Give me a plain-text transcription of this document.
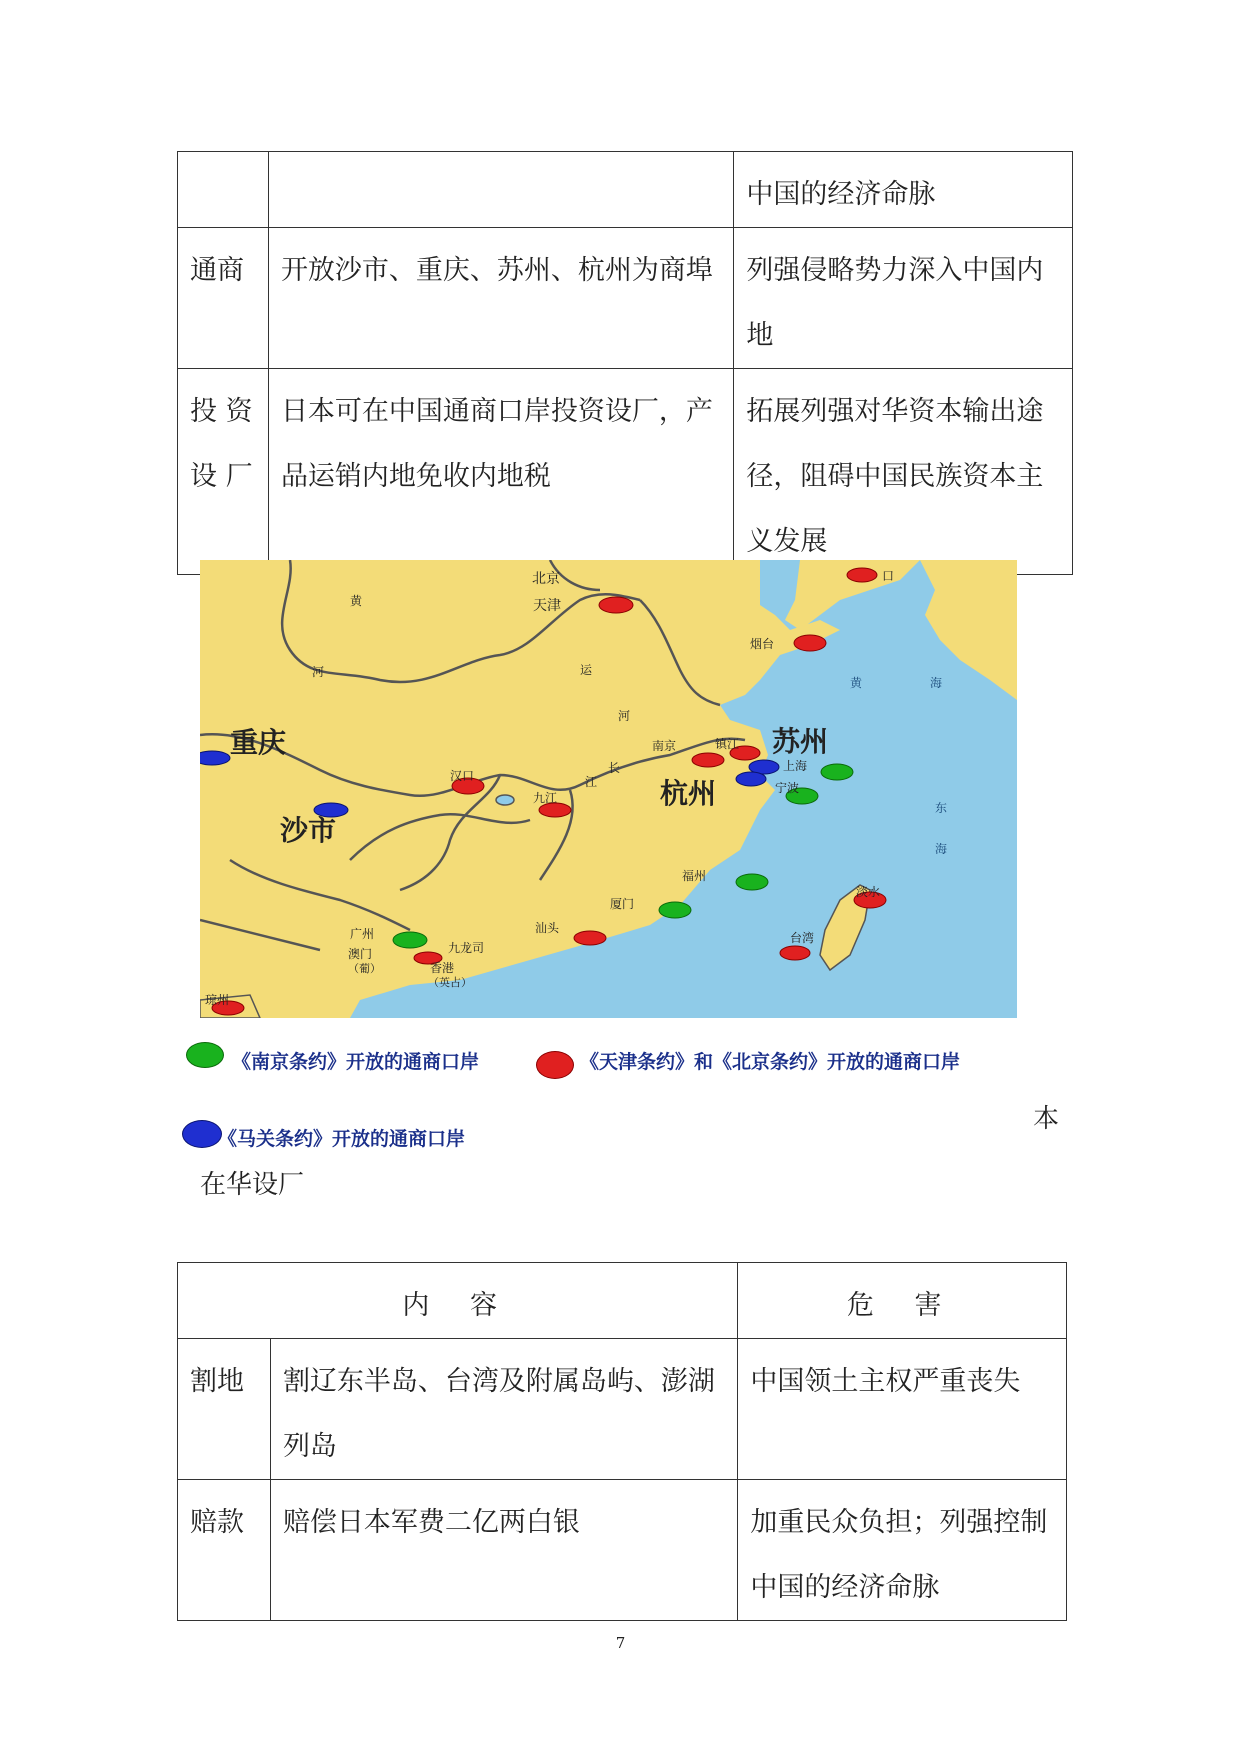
		中国的经济命脉
通商	开放沙市、重庆、苏州、杭州为商埠	列强侵略势力深入中国内地
投 资 设 厂	日本可在中国通商口岸投资设厂，产品运销内地免收内地税	拓展列强对华资本输出途径，阻碍中国民族资本主义发展
北京
天津
口
烟台
重庆	苏州
杭州
沙市
汉口
九江
南京	镇江
上海
宁波
福州
厦门
汕头
广州
澳门
（葡）
九龙司
香港
（英占）
淡水
台湾
琼州
黄
河	运
河
长
江
黄	海
东
海
《南京条约》开放的通商口岸	《天津条约》和《北京条约》开放的通商口岸
《马关条约》开放的通商口岸
本
在华设厂
内 容		危 害
割地	割辽东半岛、台湾及附属岛屿、澎湖列岛	中国领土主权严重丧失
赔款	赔偿日本军费二亿两白银	加重民众负担；列强控制中国的经济命脉
7
